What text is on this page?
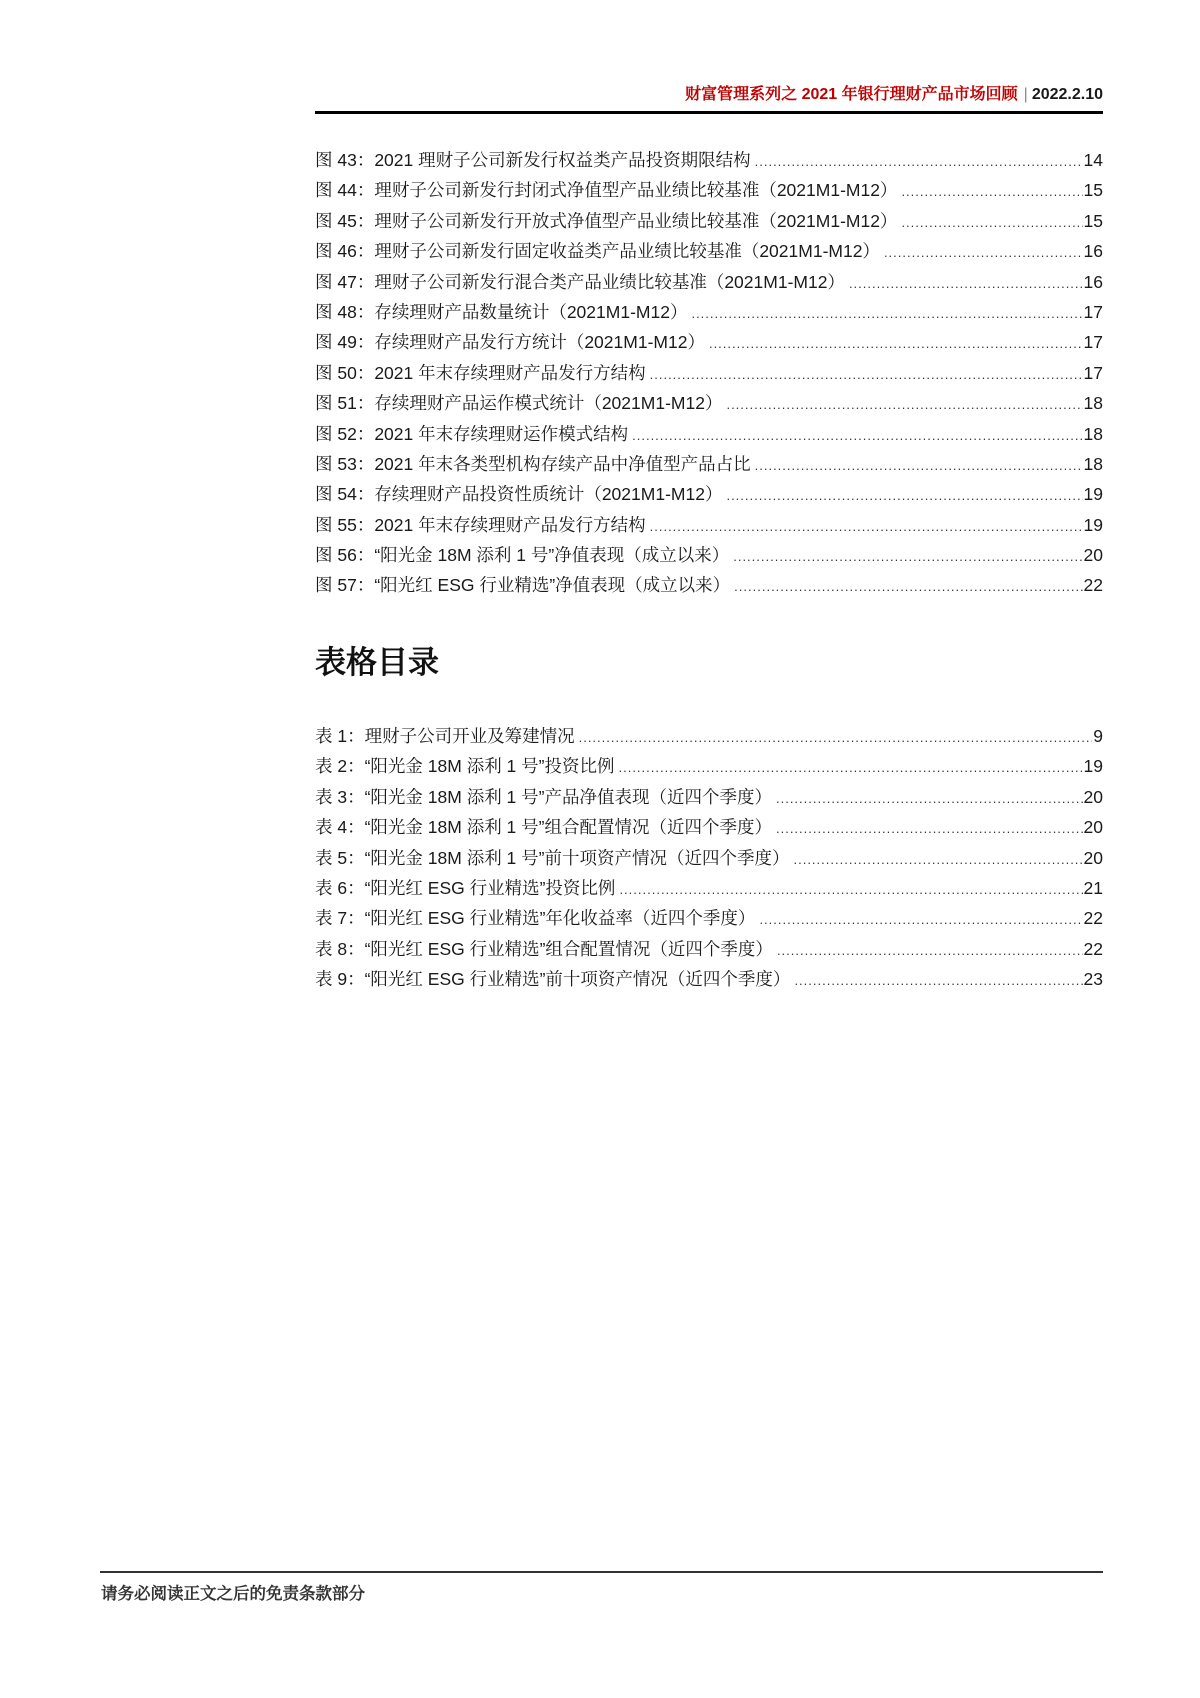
财富管理系列之 2021 年银行理财产品市场回顾 | 2022.2.10
图 43：2021 理财子公司新发行权益类产品投资期限结构 .....	14
图 44：理财子公司新发行封闭式净值型产品业绩比较基准（2021M1-M12） .....	15
图 45：理财子公司新发行开放式净值型产品业绩比较基准（2021M1-M12） .....	15
图 46：理财子公司新发行固定收益类产品业绩比较基准（2021M1-M12） .....	16
图 47：理财子公司新发行混合类产品业绩比较基准（2021M1-M12） .....	16
图 48：存续理财产品数量统计（2021M1-M12） .....	17
图 49：存续理财产品发行方统计（2021M1-M12） .....	17
图 50：2021 年末存续理财产品发行方结构 .....	17
图 51：存续理财产品运作模式统计（2021M1-M12） .....	18
图 52：2021 年末存续理财运作模式结构 .....	18
图 53：2021 年末各类型机构存续产品中净值型产品占比 .....	18
图 54：存续理财产品投资性质统计（2021M1-M12） .....	19
图 55：2021 年末存续理财产品发行方结构 .....	19
图 56：“阳光金 18M 添利 1 号”净值表现（成立以来） .....	20
图 57：“阳光红 ESG 行业精选”净值表现（成立以来） .....	22
表格目录
表 1：理财子公司开业及筹建情况 .....	9
表 2：“阳光金 18M 添利 1 号”投资比例 .....	19
表 3：“阳光金 18M 添利 1 号”产品净值表现（近四个季度） .....	20
表 4：“阳光金 18M 添利 1 号”组合配置情况（近四个季度） .....	20
表 5：“阳光金 18M 添利 1 号”前十项资产情况（近四个季度） .....	20
表 6：“阳光红 ESG 行业精选”投资比例 .....	21
表 7：“阳光红 ESG 行业精选”年化收益率（近四个季度） .....	22
表 8：“阳光红 ESG 行业精选”组合配置情况（近四个季度） .....	22
表 9：“阳光红 ESG 行业精选”前十项资产情况（近四个季度） .....	23
请务必阅读正文之后的免责条款部分
